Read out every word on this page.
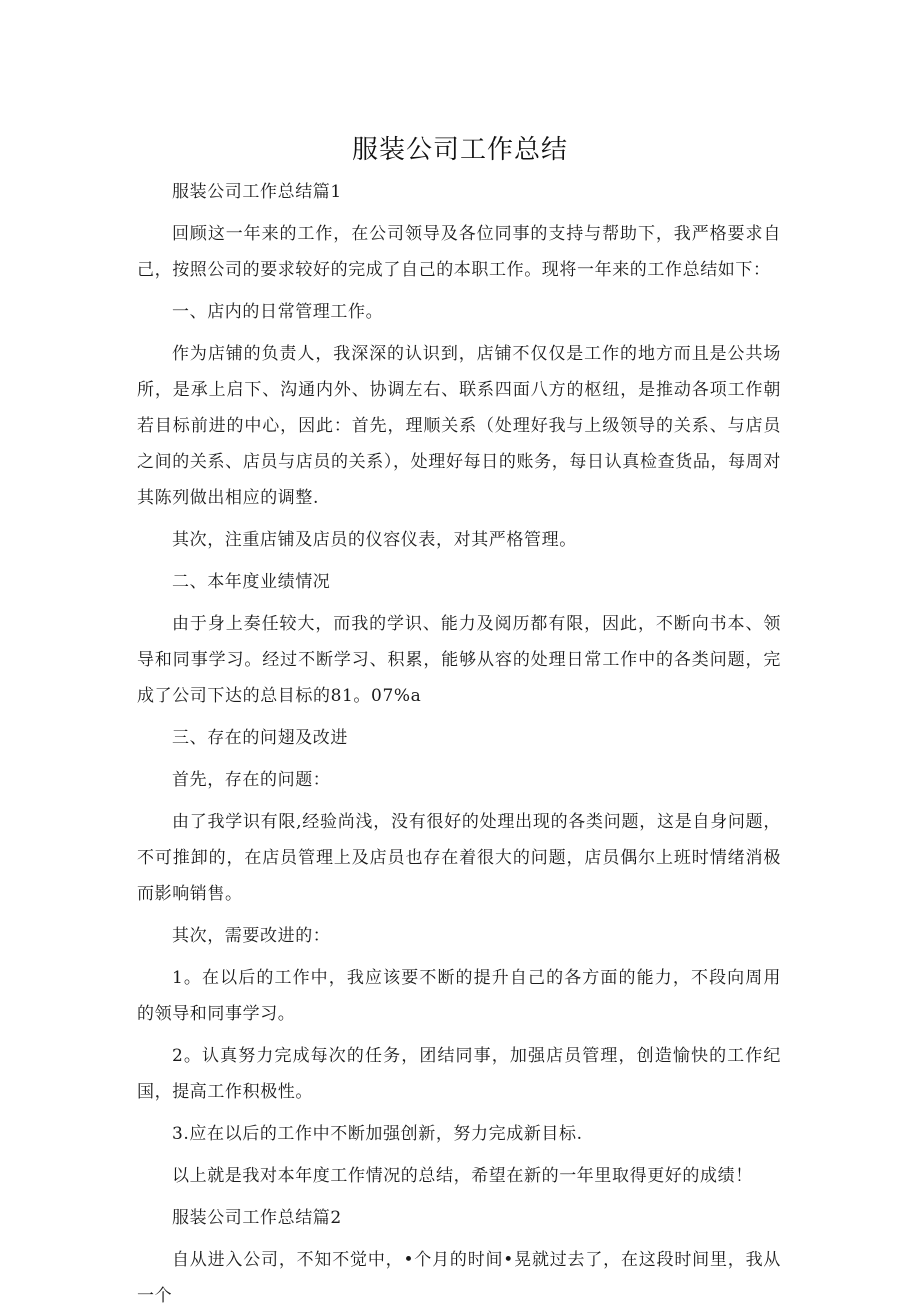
服装公司工作总结

服装公司工作总结篇1

回顾这一年来的工作，在公司领导及各位同事的支持与帮助下，我严格要求自己，按照公司的要求较好的完成了自己的本职工作。现将一年来的工作总结如下：

一、店内的日常管理工作。

作为店铺的负责人，我深深的认识到，店铺不仅仅是工作的地方而且是公共场所，是承上启下、沟通内外、协调左右、联系四面八方的枢纽，是推动各项工作朝若目标前进的中心，因此：首先，理顺关系（处理好我与上级领导的关系、与店员之间的关系、店员与店员的关系），处理好每日的账务，每日认真检查货品，每周对其陈列做出相应的调整.

其次，注重店铺及店员的仪容仪表，对其严格管理。

二、本年度业绩情况

由于身上奏任较大，而我的学识、能力及阅历都有限，因此，不断向书本、领导和同事学习。经过不断学习、积累，能够从容的处理日常工作中的各类问题，完成了公司下达的总目标的81。07%a

三、存在的问翅及改进

首先，存在的问题：

由了我学识有限,经验尚浅，没有很好的处理出现的各类问题，这是自身问题，不可推卸的，在店员管理上及店员也存在着很大的问题，店员偶尔上班时情绪消极而影响销售。

其次，需要改进的：

1。在以后的工作中，我应该要不断的提升自己的各方面的能力，不段向周用的领导和同事学习。

2。认真努力完成每次的任务，团结同事，加强店员管理，创造愉快的工作纪国，提高工作积极性。

3.应在以后的工作中不断加强创新，努力完成新目标.

以上就是我对本年度工作情况的总结，希望在新的一年里取得更好的成绩！

服装公司工作总结篇2

自从进入公司，不知不觉中，•个月的时间•晃就过去了，在这段时间里，我从一个
